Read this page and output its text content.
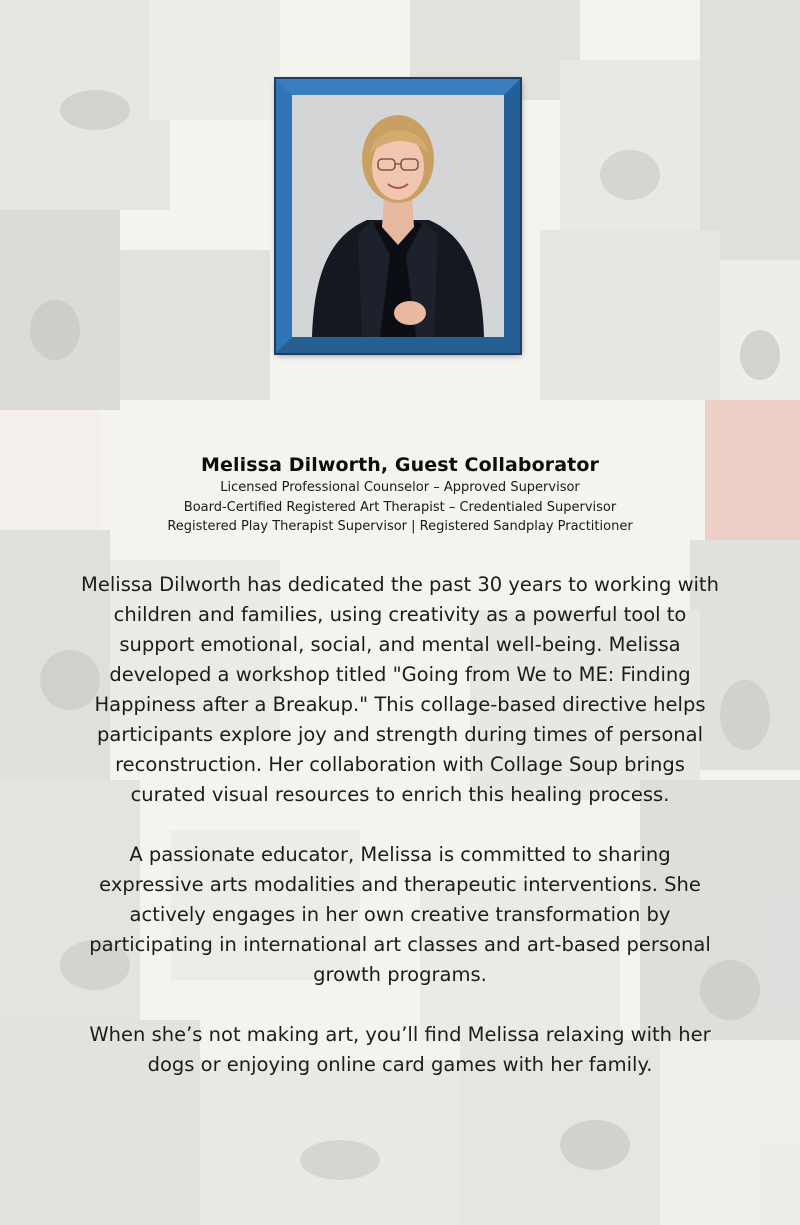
Melissa Dilworth, Guest Collaborator
Licensed Professional Counselor – Approved Supervisor
Board-Certified Registered Art Therapist – Credentialed Supervisor
Registered Play Therapist Supervisor | Registered Sandplay Practitioner

Melissa Dilworth has dedicated the past 30 years to working with children and families, using creativity as a powerful tool to support emotional, social, and mental well-being. Melissa developed a workshop titled "Going from We to ME: Finding Happiness after a Breakup." This collage-based directive helps participants explore joy and strength during times of personal reconstruction. Her collaboration with Collage Soup brings curated visual resources to enrich this healing process.

A passionate educator, Melissa is committed to sharing expressive arts modalities and therapeutic interventions. She actively engages in her own creative transformation by participating in international art classes and art-based personal growth programs.

When she’s not making art, you’ll find Melissa relaxing with her dogs or enjoying online card games with her family.
